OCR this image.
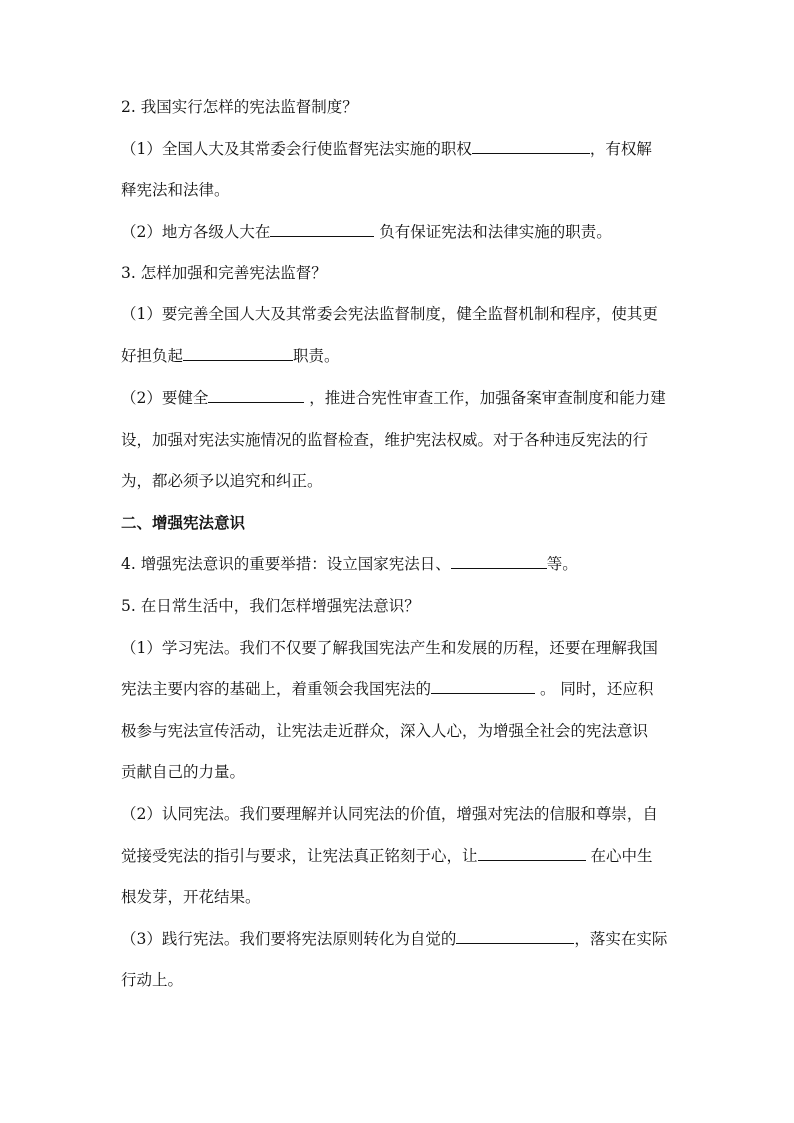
2. 我国实行怎样的宪法监督制度？
（1）全国人大及其常委会行使监督宪法实施的职权	，有权解
释宪法和法律。
（2）地方各级人大在	负有保证宪法和法律实施的职责。
3. 怎样加强和完善宪法监督？
（1）要完善全国人大及其常委会宪法监督制度，健全监督机制和程序，使其更
好担负起	职责。
（2）要健全	，推进合宪性审查工作，加强备案审查制度和能力建
设，加强对宪法实施情况的监督检查，维护宪法权威。对于各种违反宪法的行
为，都必须予以追究和纠正。
二、增强宪法意识
4. 增强宪法意识的重要举措：设立国家宪法日、	等。
5. 在日常生活中，我们怎样增强宪法意识？
（1）学习宪法。我们不仅要了解我国宪法产生和发展的历程，还要在理解我国
宪法主要内容的基础上，着重领会我国宪法的	。 同时，还应积
极参与宪法宣传活动，让宪法走近群众，深入人心，为增强全社会的宪法意识
贡献自己的力量。
（2）认同宪法。我们要理解并认同宪法的价值，增强对宪法的信服和尊崇，自
觉接受宪法的指引与要求，让宪法真正铭刻于心，让	在心中生
根发芽，开花结果。
（3）践行宪法。我们要将宪法原则转化为自觉的	，落实在实际
行动上。
